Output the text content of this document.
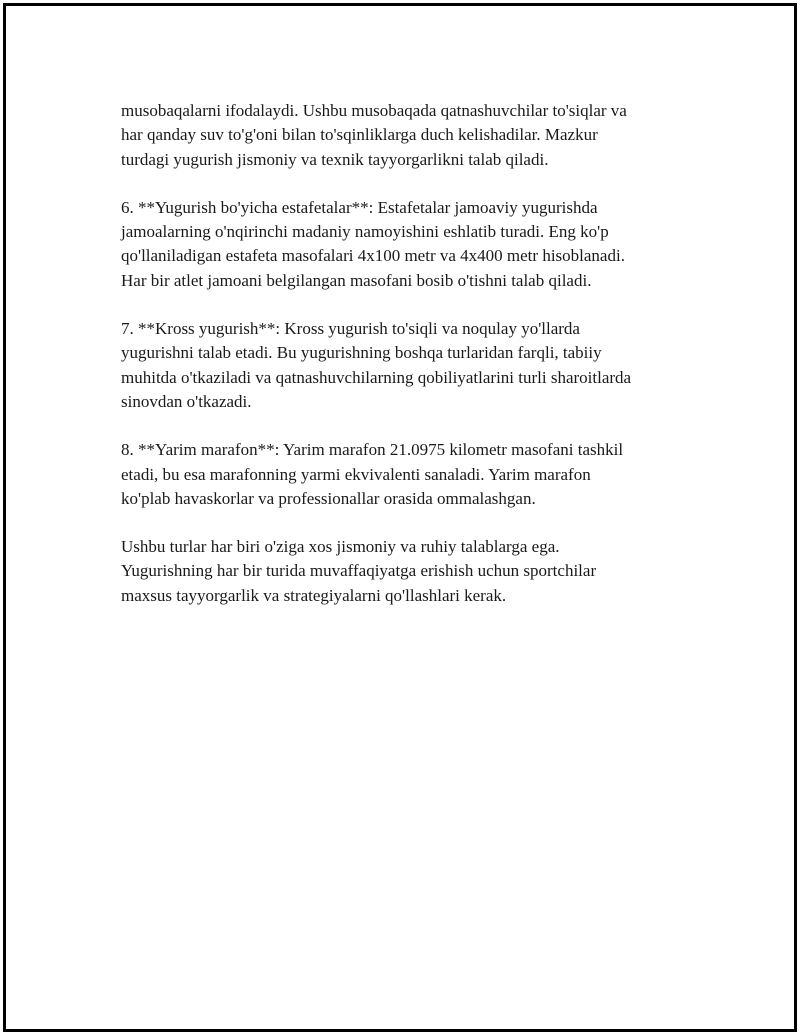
musobaqalarni ifodalaydi. Ushbu musobaqada qatnashuvchilar to'siqlar va
har qanday suv to'g'oni bilan to'sqinliklarga duch kelishadilar. Mazkur
turdagi yugurish jismoniy va texnik tayyorgarlikni talab qiladi.

6. **Yugurish bo'yicha estafetalar**: Estafetalar jamoaviy yugurishda
jamoalarning o'nqirinchi madaniy namoyishini eshlatib turadi. Eng ko'p
qo'llaniladigan estafeta masofalari 4x100 metr va 4x400 metr hisoblanadi.
Har bir atlet jamoani belgilangan masofani bosib o'tishni talab qiladi.

7. **Kross yugurish**: Kross yugurish to'siqli va noqulay yo'llarda
yugurishni talab etadi. Bu yugurishning boshqa turlaridan farqli, tabiiy
muhitda o'tkaziladi va qatnashuvchilarning qobiliyatlarini turli sharoitlarda
sinovdan o'tkazadi.

8. **Yarim marafon**: Yarim marafon 21.0975 kilometr masofani tashkil
etadi, bu esa marafonning yarmi ekvivalenti sanaladi. Yarim marafon
ko'plab havaskorlar va professionallar orasida ommalashgan.

Ushbu turlar har biri o'ziga xos jismoniy va ruhiy talablarga ega.
Yugurishning har bir turida muvaffaqiyatga erishish uchun sportchilar
maxsus tayyorgarlik va strategiyalarni qo'llashlari kerak.
